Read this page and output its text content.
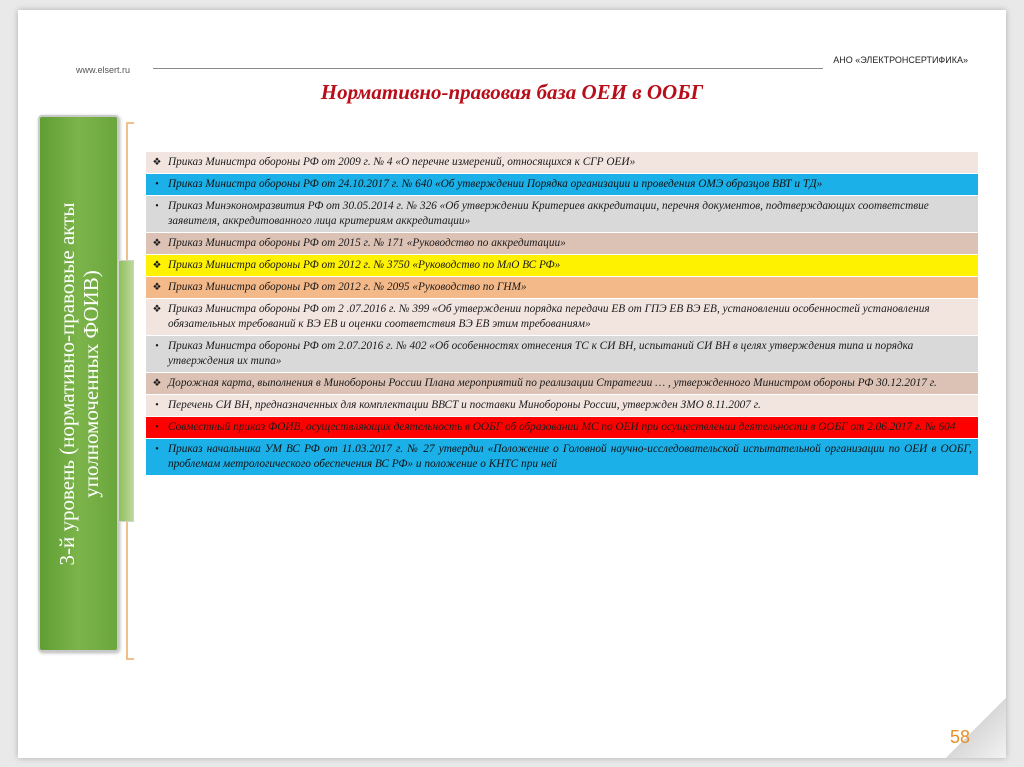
www.elsert.ru
АНО «ЭЛЕКТРОНСЕРТИФИКА»
Нормативно-правовая база ОЕИ в ООБГ
3-й уровень (нормативно-правовые акты уполномоченных ФОИВ)
❖ Приказ Министра обороны РФ от 2009 г. № 4 «О перечне измерений, относящихся к СГР ОЕИ»
• Приказ Министра обороны РФ от 24.10.2017 г. № 640 «Об утверждении Порядка организации и проведения ОМЭ образцов ВВТ и ТД»
• Приказ Минэкономразвития РФ от 30.05.2014 г. № 326 «Об утверждении Критериев аккредитации, перечня документов, подтверждающих соответствие заявителя, аккредитованного лица критериям аккредитации»
❖ Приказ Министра обороны РФ от 2015 г. № 171 «Руководство по аккредитации»
❖ Приказ Министра обороны РФ от 2012 г. № 3750 «Руководство по МлО ВС РФ»
❖ Приказ Министра обороны РФ от 2012 г. № 2095 «Руководство по ГНМ»
❖ Приказ Министра обороны РФ от 2 .07.2016 г. № 399 «Об утверждении порядка передачи ЕВ от ГПЭ ЕВ ВЭ ЕВ, установлении особенностей установления обязательных требований к ВЭ ЕВ и оценки соответствия ВЭ ЕВ этим требованиям»
• Приказ Министра обороны РФ от 2.07.2016 г. № 402 «Об особенностях отнесения ТС к СИ ВН, испытаний СИ ВН в целях утверждения типа и порядка утверждения их типа»
❖ Дорожная карта, выполнения в Минобороны России Плана мероприятий по реализации Стратегии … , утвержденного Министром обороны РФ 30.12.2017 г.
• Перечень СИ ВН, предназначенных для комплектации ВВСТ и поставки Минобороны России, утвержден ЗМО 8.11.2007 г.
• Совместный приказ ФОИВ, осуществляющих деятельность в ООБГ об образовании МС по ОЕИ при осуществлении деятельности в ООБГ от 2.06.2017 г. № 604
• Приказ начальника УМ ВС РФ от 11.03.2017 г. № 27 утвердил «Положение о Головной научно-исследовательской испытательной организации по ОЕИ в ООБГ, проблемам метрологического обеспечения ВС РФ» и положение о КНТС при ней
58
